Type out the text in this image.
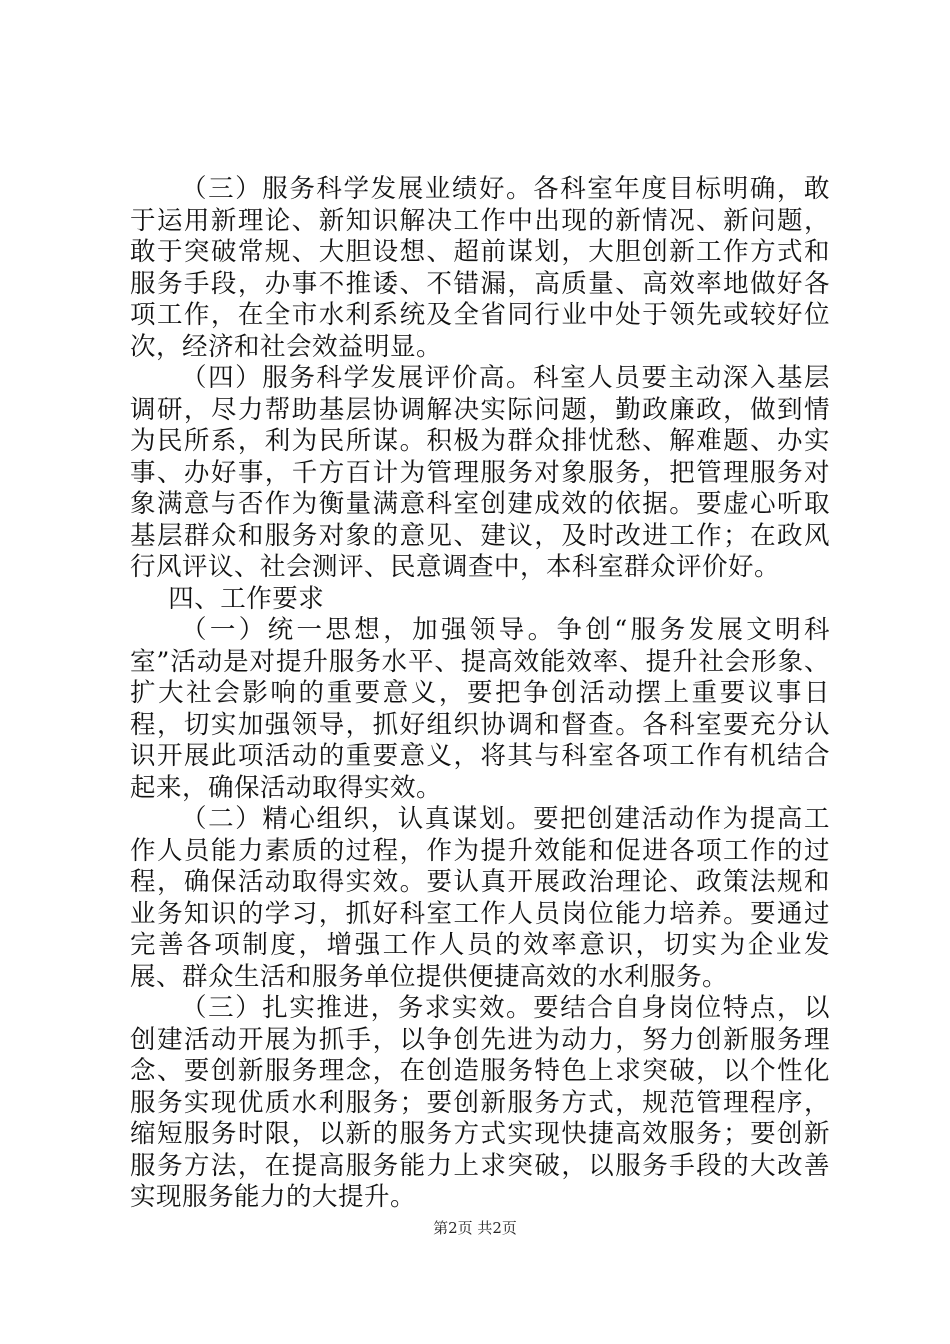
（三）服务科学发展业绩好。各科室年度目标明确，敢于运用新理论、新知识解决工作中出现的新情况、新问题，敢于突破常规、大胆设想、超前谋划，大胆创新工作方式和服务手段，办事不推诿、不错漏，高质量、高效率地做好各项工作，在全市水利系统及全省同行业中处于领先或较好位次，经济和社会效益明显。

（四）服务科学发展评价高。科室人员要主动深入基层调研，尽力帮助基层协调解决实际问题，勤政廉政，做到情为民所系，利为民所谋。积极为群众排忧愁、解难题、办实事、办好事，千方百计为管理服务对象服务，把管理服务对象满意与否作为衡量满意科室创建成效的依据。要虚心听取基层群众和服务对象的意见、建议，及时改进工作；在政风行风评议、社会测评、民意调查中，本科室群众评价好。

四、工作要求

（一）统一思想，加强领导。争创“服务发展文明科室”活动是对提升服务水平、提高效能效率、提升社会形象、扩大社会影响的重要意义，要把争创活动摆上重要议事日程，切实加强领导，抓好组织协调和督查。各科室要充分认识开展此项活动的重要意义，将其与科室各项工作有机结合起来，确保活动取得实效。

（二）精心组织，认真谋划。要把创建活动作为提高工作人员能力素质的过程，作为提升效能和促进各项工作的过程，确保活动取得实效。要认真开展政治理论、政策法规和业务知识的学习，抓好科室工作人员岗位能力培养。要通过完善各项制度，增强工作人员的效率意识，切实为企业发展、群众生活和服务单位提供便捷高效的水利服务。

（三）扎实推进，务求实效。要结合自身岗位特点，以创建活动开展为抓手，以争创先进为动力，努力创新服务理念、要创新服务理念，在创造服务特色上求突破，以个性化服务实现优质水利服务；要创新服务方式，规范管理程序，缩短服务时限，以新的服务方式实现快捷高效服务；要创新服务方法，在提高服务能力上求突破，以服务手段的大改善实现服务能力的大提升。

第2页 共2页
